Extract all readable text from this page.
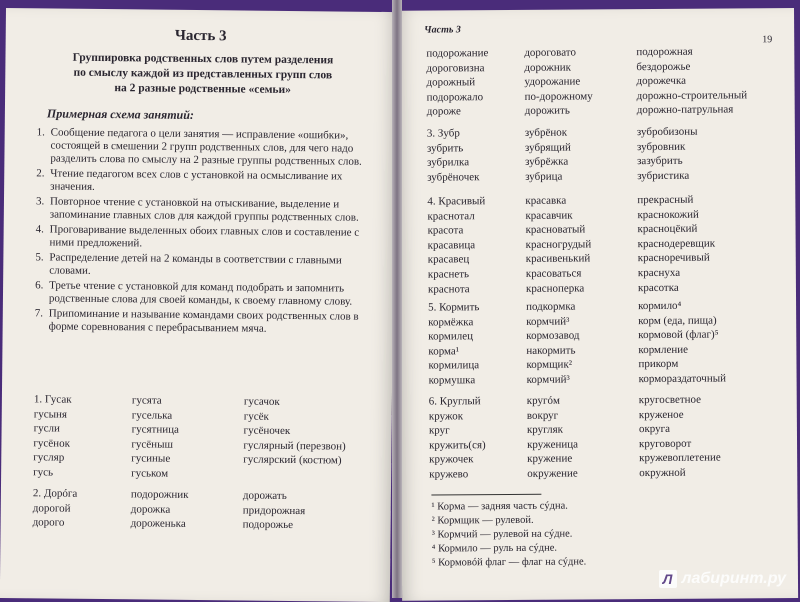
Часть 3
Группировка родственных слов путем разделения
по смыслу каждой из представленных групп слов
на 2 разные родственные «семьи»
Примерная схема занятий:
1. Сообщение педагога о цели занятия — исправление «ошибки», состоящей в смешении 2 групп родственных слов, для чего надо разделить слова по смыслу на 2 разные группы родственных слов.
2. Чтение педагогом всех слов с установкой на осмысливание их значения.
3. Повторное чтение с установкой на отыскивание, выделение и запоминание главных слов для каждой группы родственных слов.
4. Проговаривание выделенных обоих главных слов и составление с ними предложений.
5. Распределение детей на 2 команды в соответствии с главными словами.
6. Третье чтение с установкой для команд подобрать и запомнить родственные слова для своей команды, к своему главному слову.
7. Припоминание и называние командами своих родственных слов в форме соревнования с перебрасыванием мяча.
1. Гусак	гусята	гусачок
гусыня	гуселька	гусёк
гусли	гусятница	гусёночек
гусёнок	гусёныш	гуслярный (перезвон)
гусляр	гусиные	гуслярский (костюм)
гусь	гуськом
2. Дорóга	подорожник	дорожать
дорогой	дорожка	придорожная
дорого	дороженька	подорожье
Часть 3
19
подорожание	дороговато	подорожная
дороговизна	дорожник	бездорожье
дорожный	удорожание	дорожечка
подорожало	по-дорожному	дорожно-строительный
дороже	дорожить	дорожно-патрульная
3. Зубр	зубрёнок	зубробизоны
зубрить	зубрящий	зубровник
зубрилка	зубрёжка	зазубрить
зубрёночек	зубрица	зубристика
4. Красивый	красавка	прекрасный
краснотал	красавчик	краснокожий
красота	красноватый	красноцёкий
красавица	красногрудый	краснодеревщик
красавец	красивенький	красноречивый
краснеть	красоваться	краснуха
краснота	красноперка	красотка
5. Кормить	подкормка	кормило⁴
кормёжка	кормчий³	корм (еда, пища)
кормилец	кормозавод	кормовой (флаг)⁵
корма¹	накормить	кормление
кормилица	кормщик²	прикорм
кормушка	кормчий³	кормораздаточный
6. Круглый	кругóм	кругосветное
кружок	вокруг	круженое
круг	кругляк	округа
кружить(ся)	круженица	круговорот
кружочек	кружение	кружевоплетение
кружево	окружение	окружной
¹ Корма — задняя часть сýдна.
² Кормщик — рулевой.
³ Кормчий — рулевой на сýдне.
⁴ Кормило — руль на сýдне.
⁵ Кормовóй флаг — флаг на сýдне.
Л лабиринт.ру
